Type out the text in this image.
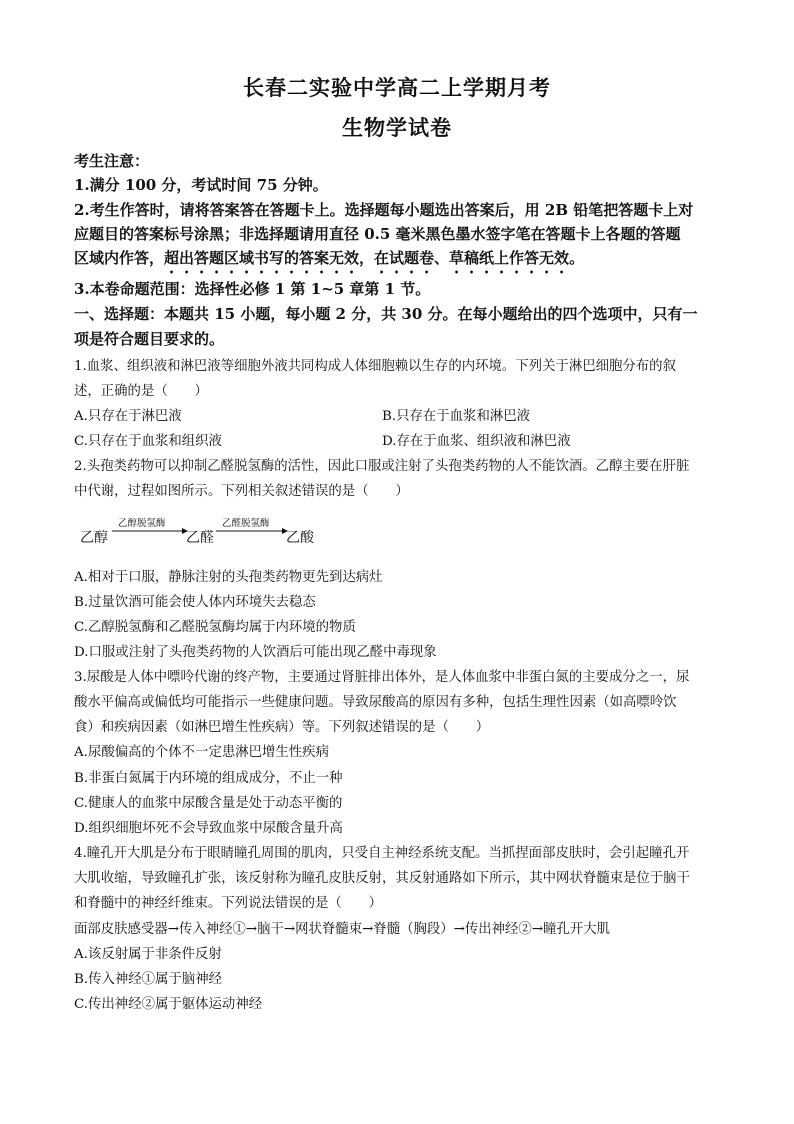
长春二实验中学高二上学期月考
生物学试卷
考生注意：
1.满分 100 分，考试时间 75 分钟。
2.考生作答时，请将答案答在答题卡上。选择题每小题选出答案后，用 2B 铅笔把答题卡上对
应题目的答案标号涂黑；非选择题请用直径 0.5 毫米黑色墨水签字笔在答题卡上各题的答题
区域内作答，超出答题区域书写的答案无效，在试题卷、草稿纸上作答无效。
3.本卷命题范围：选择性必修 1 第 1~5 章第 1 节。
一、选择题：本题共 15 小题，每小题 2 分，共 30 分。在每小题给出的四个选项中，只有一
项是符合题目要求的。
1.血浆、组织液和淋巴液等细胞外液共同构成人体细胞赖以生存的内环境。下列关于淋巴细胞分布的叙
述，正确的是（　　）
A.只存在于淋巴液	B.只存在于血浆和淋巴液
C.只存在于血浆和组织液	D.存在于血浆、组织液和淋巴液
2.头孢类药物可以抑制乙醛脱氢酶的活性，因此口服或注射了头孢类药物的人不能饮酒。乙醇主要在肝脏
中代谢，过程如图所示。下列相关叙述错误的是（　　）
乙醇
乙醇脱氢酶
乙醛
乙醛脱氢酶
乙酸
A.相对于口服，静脉注射的头孢类药物更先到达病灶
B.过量饮酒可能会使人体内环境失去稳态
C.乙醇脱氢酶和乙醛脱氢酶均属于内环境的物质
D.口服或注射了头孢类药物的人饮酒后可能出现乙醛中毒现象
3.尿酸是人体中嘌呤代谢的终产物，主要通过肾脏排出体外，是人体血浆中非蛋白氮的主要成分之一，尿
酸水平偏高或偏低均可能指示一些健康问题。导致尿酸高的原因有多种，包括生理性因素（如高嘌呤饮
食）和疾病因素（如淋巴增生性疾病）等。下列叙述错误的是（　　）
A.尿酸偏高的个体不一定患淋巴增生性疾病
B.非蛋白氮属于内环境的组成成分，不止一种
C.健康人的血浆中尿酸含量是处于动态平衡的
D.组织细胞坏死不会导致血浆中尿酸含量升高
4.瞳孔开大肌是分布于眼睛瞳孔周围的肌肉，只受自主神经系统支配。当抓捏面部皮肤时，会引起瞳孔开
大肌收缩，导致瞳孔扩张，该反射称为瞳孔皮肤反射，其反射通路如下所示，其中网状脊髓束是位于脑干
和脊髓中的神经纤维束。下列说法错误的是（　　）
面部皮肤感受器→传入神经①→脑干→网状脊髓束→脊髓（胸段）→传出神经②→瞳孔开大肌
A.该反射属于非条件反射
B.传入神经①属于脑神经
C.传出神经②属于躯体运动神经
